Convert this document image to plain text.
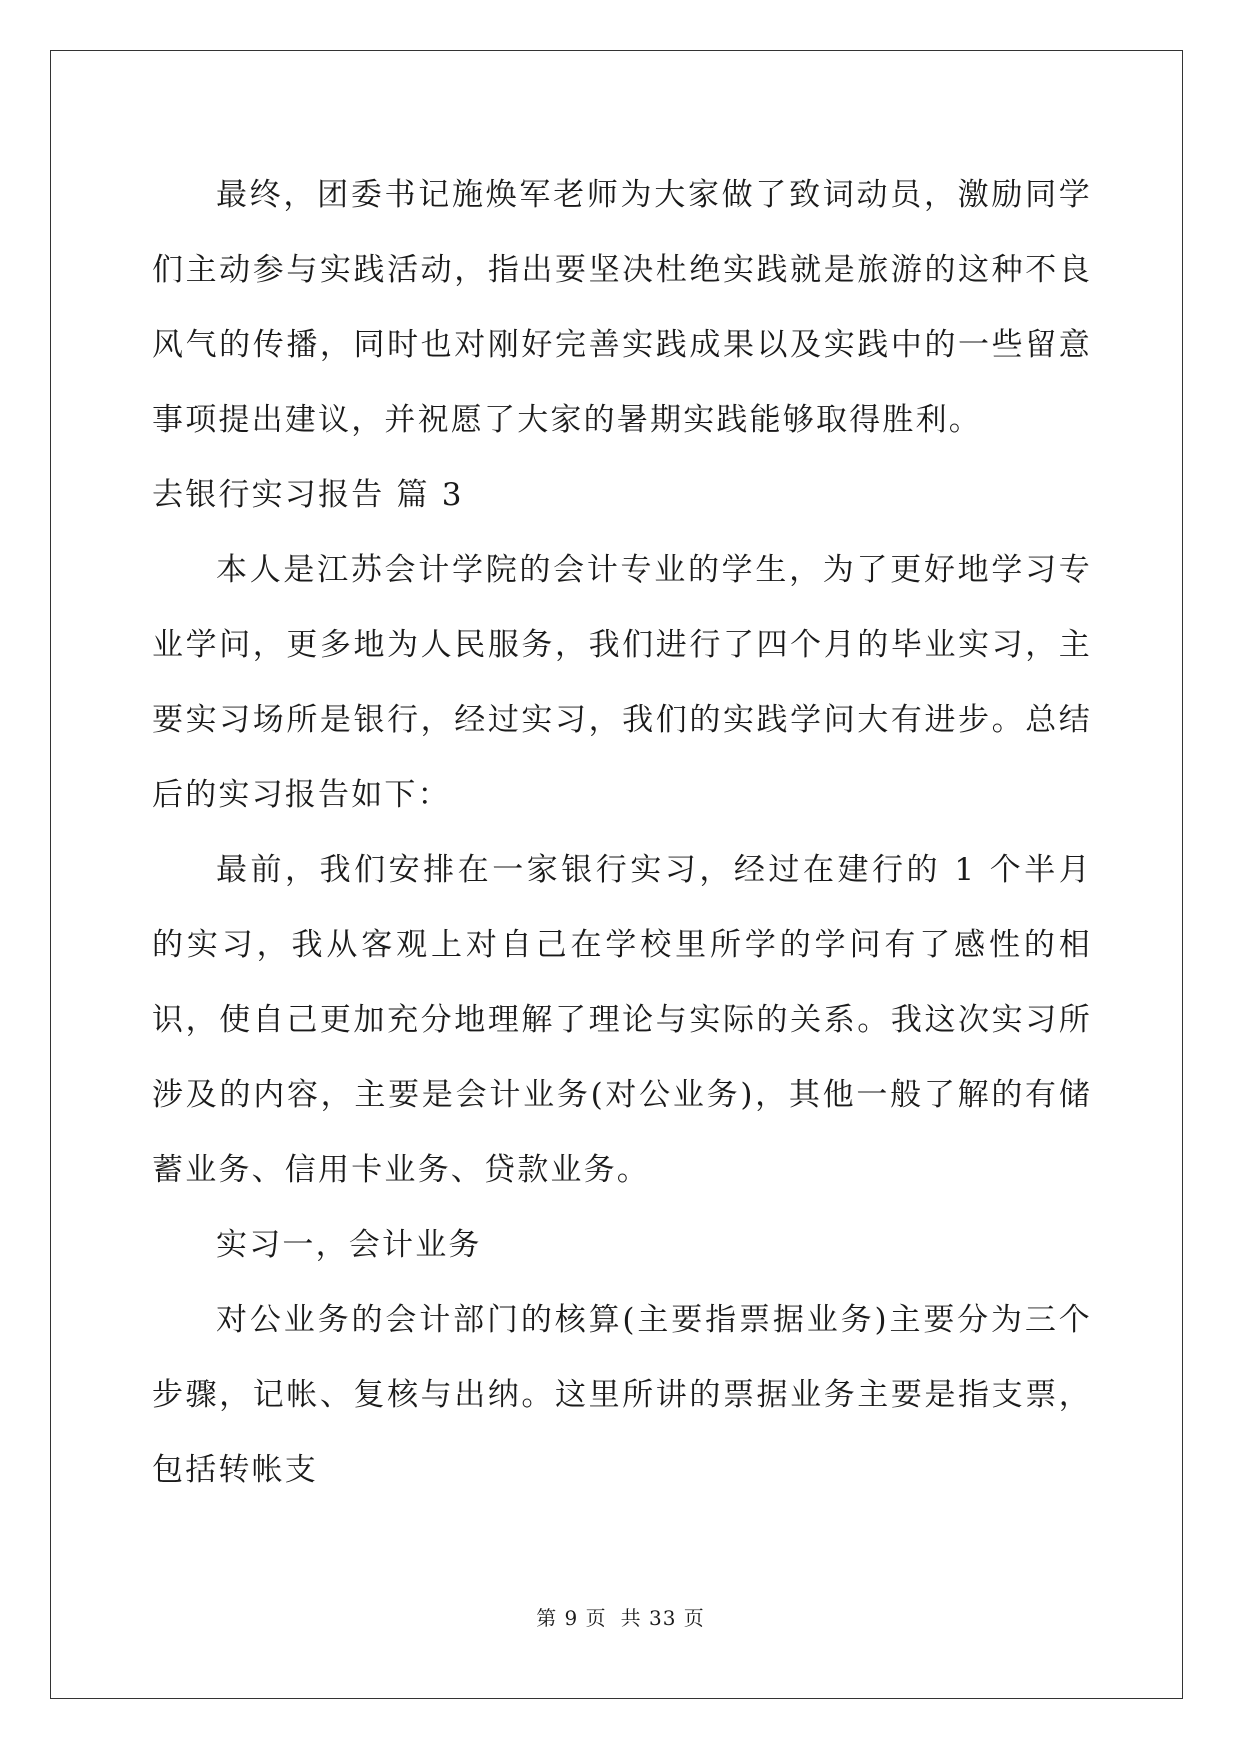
最终，团委书记施焕军老师为大家做了致词动员，激励同学们主动参与实践活动，指出要坚决杜绝实践就是旅游的这种不良风气的传播，同时也对刚好完善实践成果以及实践中的一些留意事项提出建议，并祝愿了大家的暑期实践能够取得胜利。

去银行实习报告 篇 3

本人是江苏会计学院的会计专业的学生，为了更好地学习专业学问，更多地为人民服务，我们进行了四个月的毕业实习，主要实习场所是银行，经过实习，我们的实践学问大有进步。总结后的实习报告如下：

最前，我们安排在一家银行实习，经过在建行的 1 个半月的实习，我从客观上对自己在学校里所学的学问有了感性的相识，使自己更加充分地理解了理论与实际的关系。我这次实习所涉及的内容，主要是会计业务(对公业务)，其他一般了解的有储蓄业务、信用卡业务、贷款业务。

实习一，会计业务

对公业务的会计部门的核算(主要指票据业务)主要分为三个步骤，记帐、复核与出纳。这里所讲的票据业务主要是指支票，包括转帐支

第 9 页 共 33 页
